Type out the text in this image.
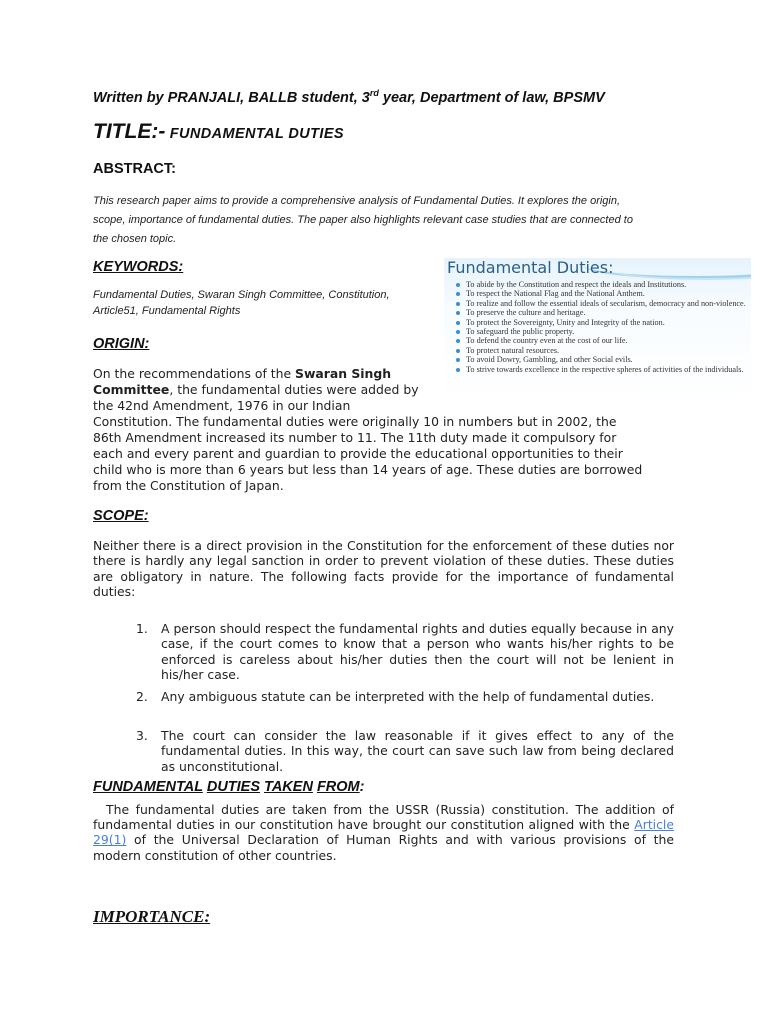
Written by PRANJALI, BALLB student, 3rd year, Department of law, BPSMV
TITLE:- FUNDAMENTAL DUTIES
ABSTRACT:
This research paper aims to provide a comprehensive analysis of Fundamental Duties. It explores the origin,
scope, importance of fundamental duties. The paper also highlights relevant case studies that are connected to
the chosen topic.
KEYWORDS:
Fundamental Duties, Swaran Singh Committee, Constitution,
Article51, Fundamental Rights
Fundamental Duties:
To abide by the Constitution and respect the ideals and Institutions.
To respect the National Flag and the National Anthem.
To realize and follow the essential ideals of secularism, democracy and non-violence.
To preserve the culture and heritage.
To protect the Sovereignty, Unity and Integrity of the nation.
To safeguard the public property.
To defend the country even at the cost of our life.
To protect natural resources.
To avoid Dowry, Gambling, and other Social evils.
To strive towards excellence in the respective spheres of activities of the individuals.
ORIGIN:
On the recommendations of the Swaran Singh
Committee, the fundamental duties were added by
the 42nd Amendment, 1976 in our Indian
Constitution. The fundamental duties were originally 10 in numbers but in 2002, the
86th Amendment increased its number to 11. The 11th duty made it compulsory for
each and every parent and guardian to provide the educational opportunities to their
child who is more than 6 years but less than 14 years of age. These duties are borrowed
from the Constitution of Japan.
SCOPE:
Neither there is a direct provision in the Constitution for the enforcement of these duties nor there is hardly any legal sanction in order to prevent violation of these duties. These duties are obligatory in nature. The following facts provide for the importance of fundamental duties:
1. A person should respect the fundamental rights and duties equally because in any case, if the court comes to know that a person who wants his/her rights to be enforced is careless about his/her duties then the court will not be lenient in his/her case.
2. Any ambiguous statute can be interpreted with the help of fundamental duties.
3. The court can consider the law reasonable if it gives effect to any of the fundamental duties. In this way, the court can save such law from being declared as unconstitutional.
FUNDAMENTAL DUTIES TAKEN FROM:
The fundamental duties are taken from the USSR (Russia) constitution. The addition of fundamental duties in our constitution have brought our constitution aligned with the Article 29(1) of the Universal Declaration of Human Rights and with various provisions of the modern constitution of other countries.
IMPORTANCE:
